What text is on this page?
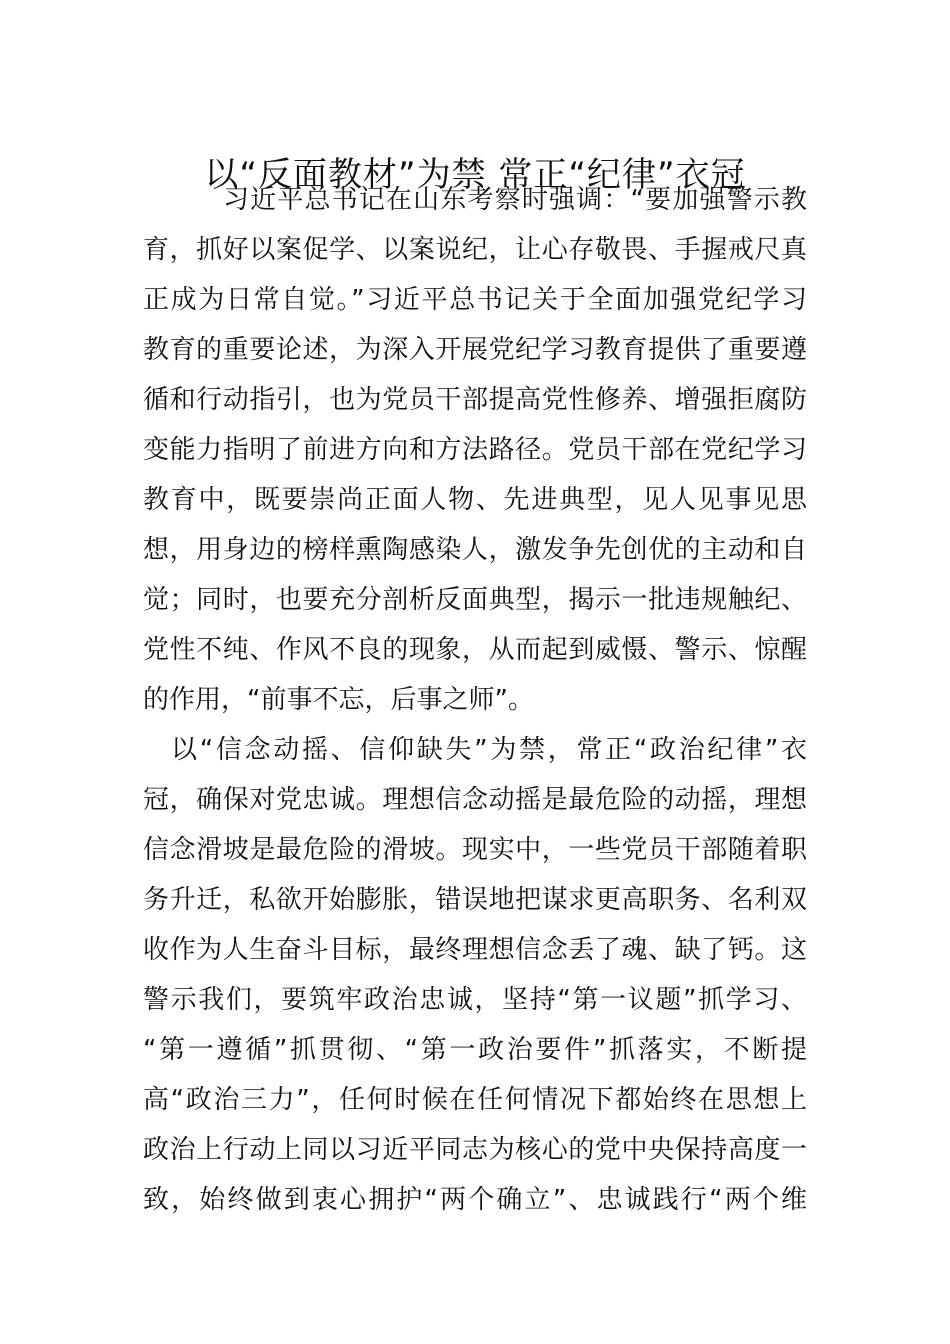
以“反面教材”为禁 常正“纪律”衣冠
习近平总书记在山东考察时强调：“要加强警示教
育，抓好以案促学、以案说纪，让心存敬畏、手握戒尺真
正成为日常自觉。”习近平总书记关于全面加强党纪学习
教育的重要论述，为深入开展党纪学习教育提供了重要遵
循和行动指引，也为党员干部提高党性修养、增强拒腐防
变能力指明了前进方向和方法路径。党员干部在党纪学习
教育中，既要崇尚正面人物、先进典型，见人见事见思
想，用身边的榜样熏陶感染人，激发争先创优的主动和自
觉；同时，也要充分剖析反面典型，揭示一批违规触纪、
党性不纯、作风不良的现象，从而起到威慑、警示、惊醒
的作用，“前事不忘，后事之师”。
以“信念动摇、信仰缺失”为禁，常正“政治纪律”衣
冠，确保对党忠诚。理想信念动摇是最危险的动摇，理想
信念滑坡是最危险的滑坡。现实中，一些党员干部随着职
务升迁，私欲开始膨胀，错误地把谋求更高职务、名利双
收作为人生奋斗目标，最终理想信念丢了魂、缺了钙。这
警示我们，要筑牢政治忠诚，坚持“第一议题”抓学习、
“第一遵循”抓贯彻、“第一政治要件”抓落实，不断提
高“政治三力”，任何时候在任何情况下都始终在思想上
政治上行动上同以习近平同志为核心的党中央保持高度一
致，始终做到衷心拥护“两个确立”、忠诚践行“两个维
